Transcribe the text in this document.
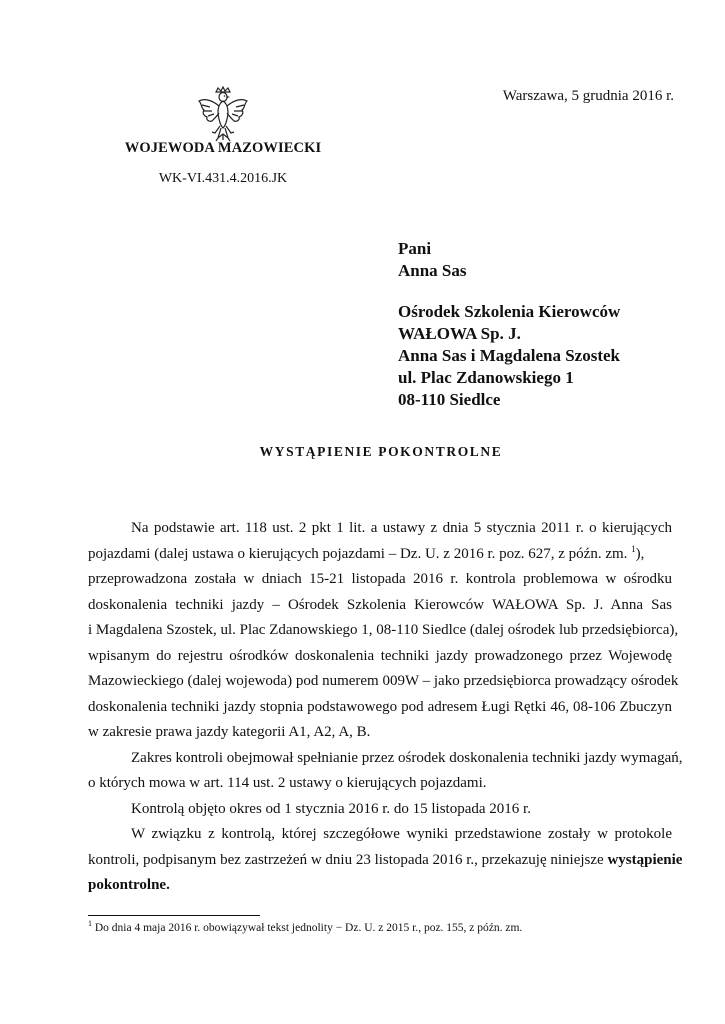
Warszawa, 5 grudnia 2016 r.
WOJEWODA MAZOWIECKI
WK-VI.431.4.2016.JK
Pani
Anna Sas
Ośrodek Szkolenia Kierowców
WAŁOWA Sp. J.
Anna Sas i Magdalena Szostek
ul. Plac Zdanowskiego 1
08-110 Siedlce
WYSTĄPIENIE POKONTROLNE
Na podstawie art. 118 ust. 2 pkt 1 lit. a ustawy z dnia 5 stycznia 2011 r. o kierujących
pojazdami (dalej ustawa o kierujących pojazdami – Dz. U. z 2016 r. poz. 627, z późn. zm. $^1$),
przeprowadzona została w dniach 15-21 listopada 2016 r. kontrola problemowa w ośrodku
doskonalenia techniki jazdy – Ośrodek Szkolenia Kierowców WAŁOWA Sp. J. Anna Sas
i Magdalena Szostek, ul. Plac Zdanowskiego 1, 08-110 Siedlce (dalej ośrodek lub przedsiębiorca),
wpisanym do rejestru ośrodków doskonalenia techniki jazdy prowadzonego przez Wojewodę
Mazowieckiego (dalej wojewoda) pod numerem 009W – jako przedsiębiorca prowadzący ośrodek
doskonalenia techniki jazdy stopnia podstawowego pod adresem Ługi Rętki 46, 08-106 Zbuczyn
w zakresie prawa jazdy kategorii A1, A2, A, B.
Zakres kontroli obejmował spełnianie przez ośrodek doskonalenia techniki jazdy wymagań,
o których mowa w art. 114 ust. 2 ustawy o kierujących pojazdami.
Kontrolą objęto okres od 1 stycznia 2016 r. do 15 listopada 2016 r.
W związku z kontrolą, której szczegółowe wyniki przedstawione zostały w protokole
kontroli, podpisanym bez zastrzeżeń w dniu 23 listopada 2016 r., przekazuję niniejsze wystąpienie
pokontrolne.
$^1$ Do dnia 4 maja 2016 r. obowiązywał tekst jednolity − Dz. U. z 2015 r., poz. 155, z późn. zm.
